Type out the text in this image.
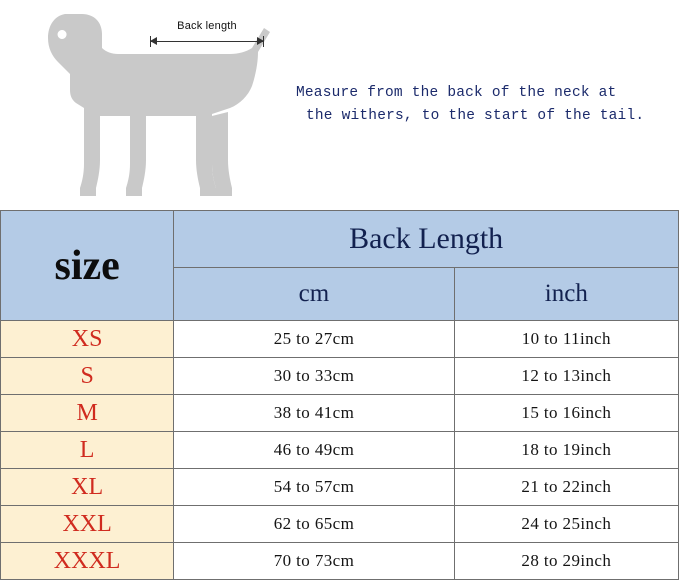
Back length
Measure from the back of the neck at
the withers, to the start of the tail.
size	Back Length	
	cm	inch
XS	25 to 27cm	10 to 11inch
S	30 to 33cm	12 to 13inch
M	38 to 41cm	15 to 16inch
L	46 to 49cm	18 to 19inch
XL	54 to 57cm	21 to 22inch
XXL	62 to 65cm	24 to 25inch
XXXL	70 to 73cm	28 to 29inch
